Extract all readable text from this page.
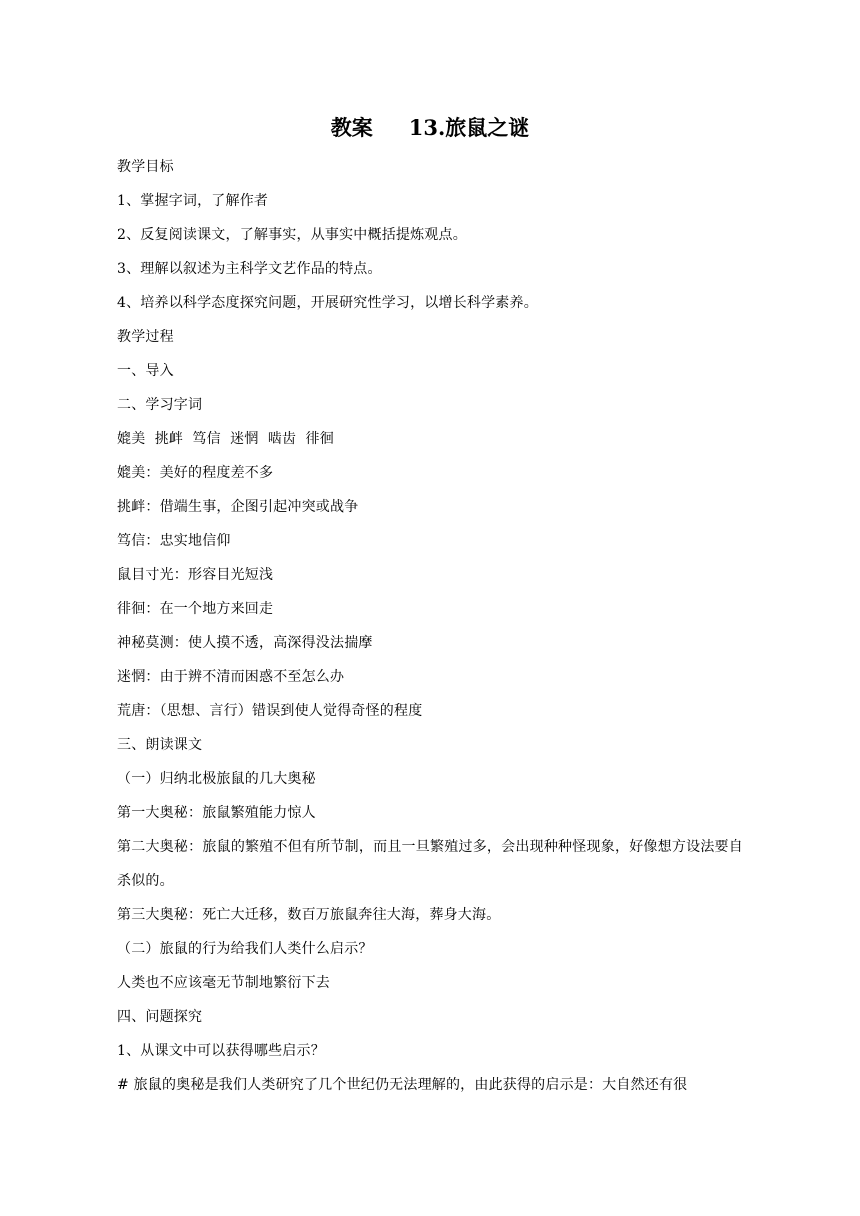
教案 13.旅鼠之谜
教学目标
1、掌握字词，了解作者
2、反复阅读课文，了解事实，从事实中概括提炼观点。
3、理解以叙述为主科学文艺作品的特点。
4、培养以科学态度探究问题，开展研究性学习，以增长科学素养。
教学过程
一、导入
二、学习字词
媲美  挑衅  笃信  迷惘  啮齿  徘徊
媲美：美好的程度差不多
挑衅：借端生事，企图引起冲突或战争
笃信：忠实地信仰
鼠目寸光：形容目光短浅
徘徊：在一个地方来回走
神秘莫测：使人摸不透，高深得没法揣摩
迷惘：由于辨不清而困惑不至怎么办
荒唐：（思想、言行）错误到使人觉得奇怪的程度
三、朗读课文
（一）归纳北极旅鼠的几大奥秘
第一大奥秘：旅鼠繁殖能力惊人
第二大奥秘：旅鼠的繁殖不但有所节制，而且一旦繁殖过多，会出现种种怪现象，好像想方设法要自杀似的。
第三大奥秘：死亡大迁移，数百万旅鼠奔往大海，葬身大海。
（二）旅鼠的行为给我们人类什么启示？
人类也不应该毫无节制地繁衍下去
四、问题探究
1、从课文中可以获得哪些启示？
# 旅鼠的奥秘是我们人类研究了几个世纪仍无法理解的，由此获得的启示是：大自然还有很
